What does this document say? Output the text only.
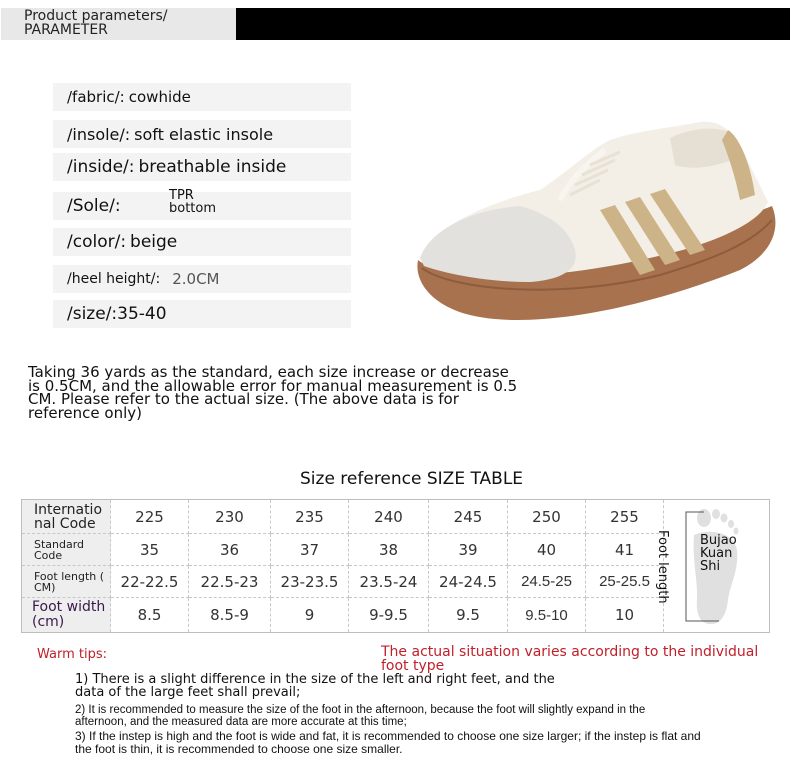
Product parameters/
PARAMETER
/fabric/: cowhide
/insole/: soft elastic insole
/inside/: breathable inside
/Sole/:
TPR
bottom
/color/: beige
/heel height/: 2.0CM
/size/: 35-40
Taking 36 yards as the standard, each size increase or decrease is 0.5CM, and the allowable error for manual measurement is 0.5 CM. Please refer to the actual size. (The above data is for reference only)
Size reference SIZE TABLE
Internatio
nal Code	225	230	235	240	245	250	255
Standard
Code	35	36	37	38	39	40	41
Foot length (
CM)	22-22.5	22.5-23	23-23.5	23.5-24	24-24.5	24.5-25	25-25.5
Foot width
(cm)	8.5	8.5-9	9	9-9.5	9.5	9.5-10	10
Foot length Bujao
Kuan
Shi
Warm tips:	The actual situation varies according to the individual foot type
1) There is a slight difference in the size of the left and right feet, and the data of the large feet shall prevail;
2) It is recommended to measure the size of the foot in the afternoon, because the foot will slightly expand in the afternoon, and the measured data are more accurate at this time;
3) If the instep is high and the foot is wide and fat, it is recommended to choose one size larger; if the instep is flat and the foot is thin, it is recommended to choose one size smaller.
